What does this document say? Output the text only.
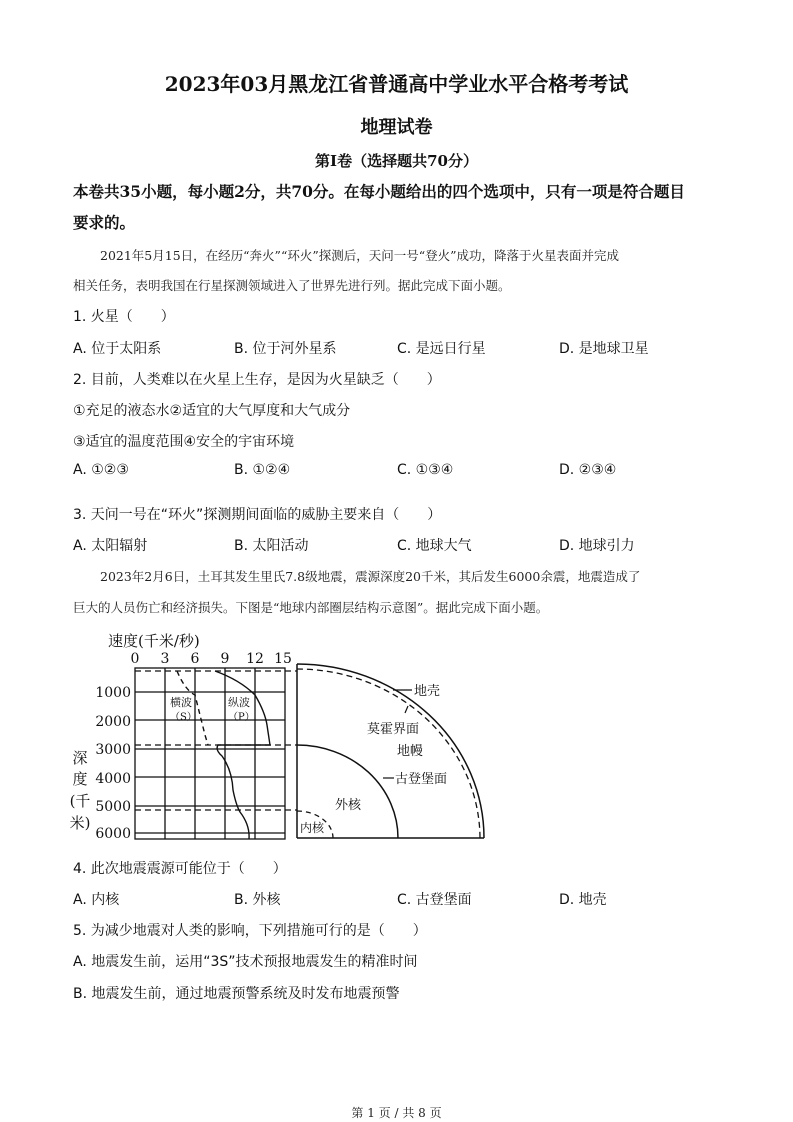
2023年03月黑龙江省普通高中学业水平合格考考试
地理试卷
第I卷（选择题共70分）
本卷共35小题，每小题2分，共70分。在每小题给出的四个选项中，只有一项是符合题目
要求的。
2021年5月15日，在经历“奔火”“环火”探测后，天问一号“登火”成功，降落于火星表面并完成
相关任务，表明我国在行星探测领域进入了世界先进行列。据此完成下面小题。
1. 火星（　　）
A. 位于太阳系	B. 位于河外星系	C. 是远日行星	D. 是地球卫星
2. 目前，人类难以在火星上生存，是因为火星缺乏（　　）
①充足的液态水②适宜的大气厚度和大气成分
③适宜的温度范围④安全的宇宙环境
A. ①②③	B. ①②④	C. ①③④	D. ②③④
3. 天问一号在“环火”探测期间面临的威胁主要来自（　　）
A. 太阳辐射	B. 太阳活动	C. 地球大气	D. 地球引力
2023年2月6日，土耳其发生里氏7.8级地震，震源深度20千米，其后发生6000余震，地震造成了
巨大的人员伤亡和经济损失。下图是“地球内部圈层结构示意图”。据此完成下面小题。
速度(千米/秒)
0 3 6 9 12 15
1000
2000
3000
4000
5000
6000
深
度
(千
米)
横波
（S）
纵波
（P）
地壳
莫霍界面
地幔
古登堡面
外核
内核
4. 此次地震震源可能位于（　　）
A. 内核	B. 外核	C. 古登堡面	D. 地壳
5. 为减少地震对人类的影响，下列措施可行的是（　　）
A. 地震发生前，运用“3S”技术预报地震发生的精准时间
B. 地震发生前，通过地震预警系统及时发布地震预警
第 1 页 / 共 8 页
